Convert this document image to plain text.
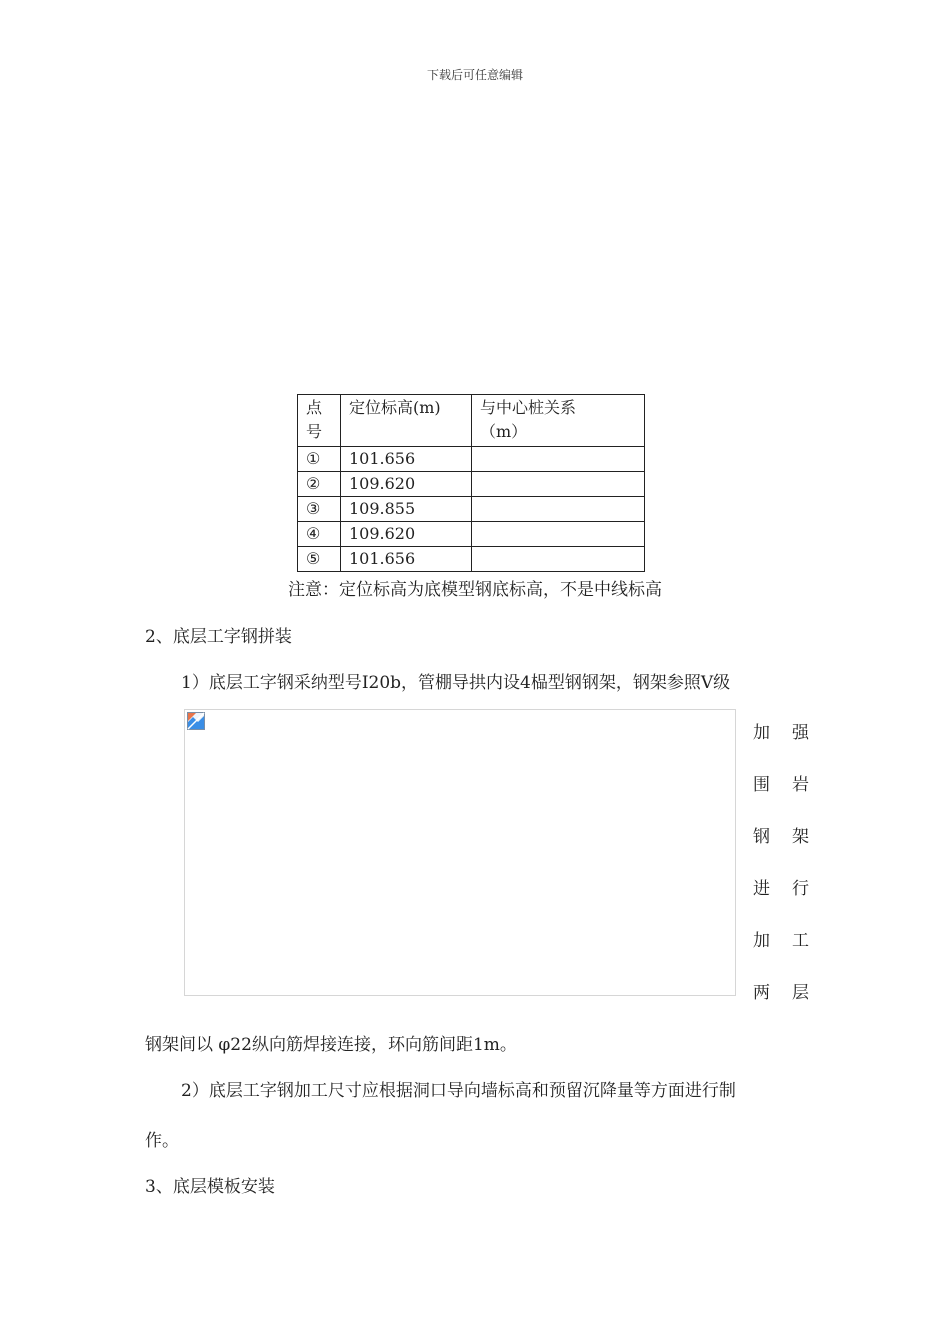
下载后可任意编辑
点号	定位标高(m)	与中心桩关系（m）

①	101.656	
②	109.620	
③	109.855	
④	109.620	
⑤	101.656	
注意：定位标高为底模型钢底标高，不是中线标高
2、底层工字钢拼装
1）底层工字钢采纳型号I20b，管棚导拱内设4榀型钢钢架，钢架参照Ⅴ级
加 强
围 岩
钢 架
进 行
加 工
两 层
钢架间以 φ22纵向筋焊接连接，环向筋间距1m。
2）底层工字钢加工尺寸应根据洞口导向墙标高和预留沉降量等方面进行制
作。
3、底层模板安装
